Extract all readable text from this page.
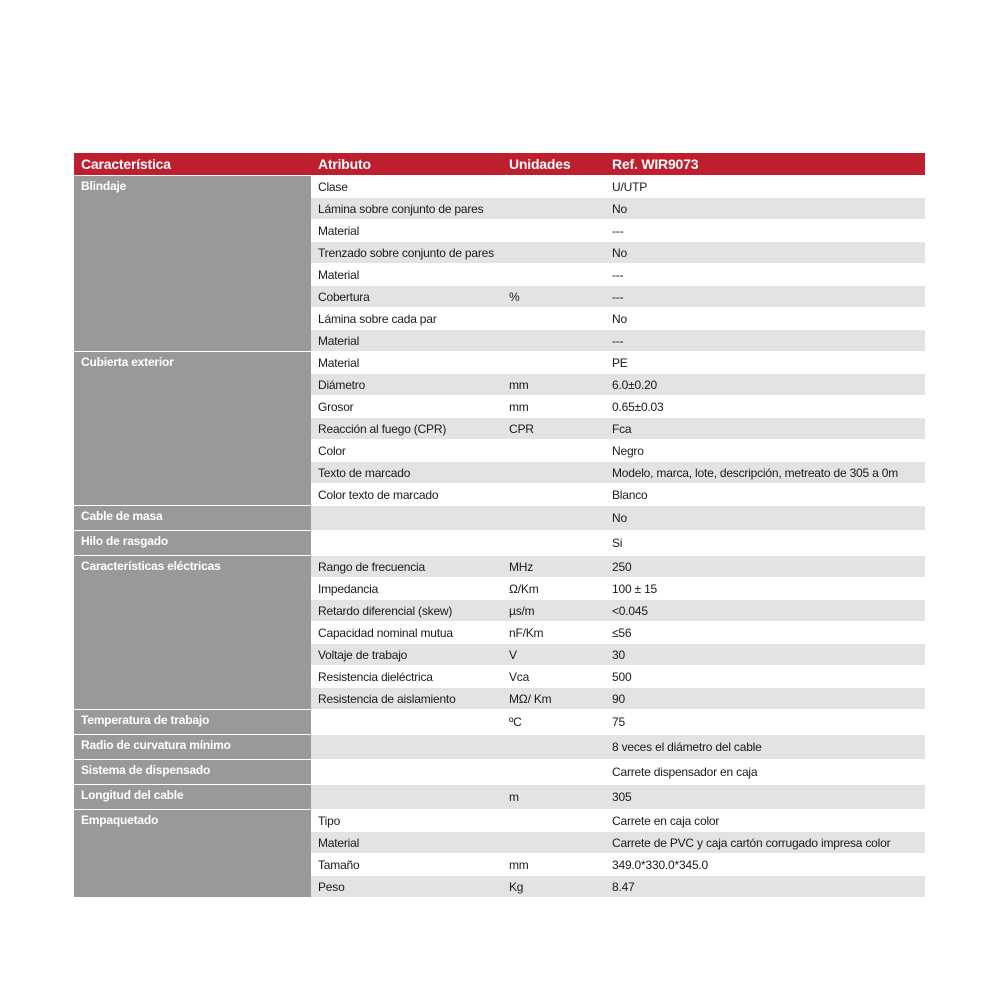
Característica	Atributo	Unidades	Ref. WIR9073
Blindaje	Clase		U/UTP
	Lámina sobre conjunto de pares		No
	Material		---
	Trenzado sobre conjunto de pares		No
	Material		---
	Cobertura	%	---
	Lámina sobre cada par		No
	Material		---
Cubierta exterior	Material		PE
	Diámetro	mm	6.0±0.20
	Grosor	mm	0.65±0.03
	Reacción al fuego (CPR)	CPR	Fca
	Color		Negro
	Texto de marcado		Modelo, marca, lote, descripción, metreato de 305 a 0m
	Color texto de marcado		Blanco
Cable de masa			No
Hilo de rasgado			Si
Características eléctricas	Rango de frecuencia	MHz	250
	Impedancia	Ω/Km	100 ± 15
	Retardo diferencial (skew)	µs/m	<0.045
	Capacidad nominal mutua	nF/Km	≤56
	Voltaje de trabajo	V	30
	Resistencia dieléctrica	Vca	500
	Resistencia de aislamiento	MΩ/ Km	90
Temperatura de trabajo		ºC	75
Radio de curvatura mínimo			8 veces el diámetro del cable
Sistema de dispensado			Carrete dispensador en caja
Longitud del cable		m	305
Empaquetado	Tipo		Carrete en caja color
	Material		Carrete de PVC y caja cartón corrugado impresa color
	Tamaño	mm	349.0*330.0*345.0
	Peso	Kg	8.47
